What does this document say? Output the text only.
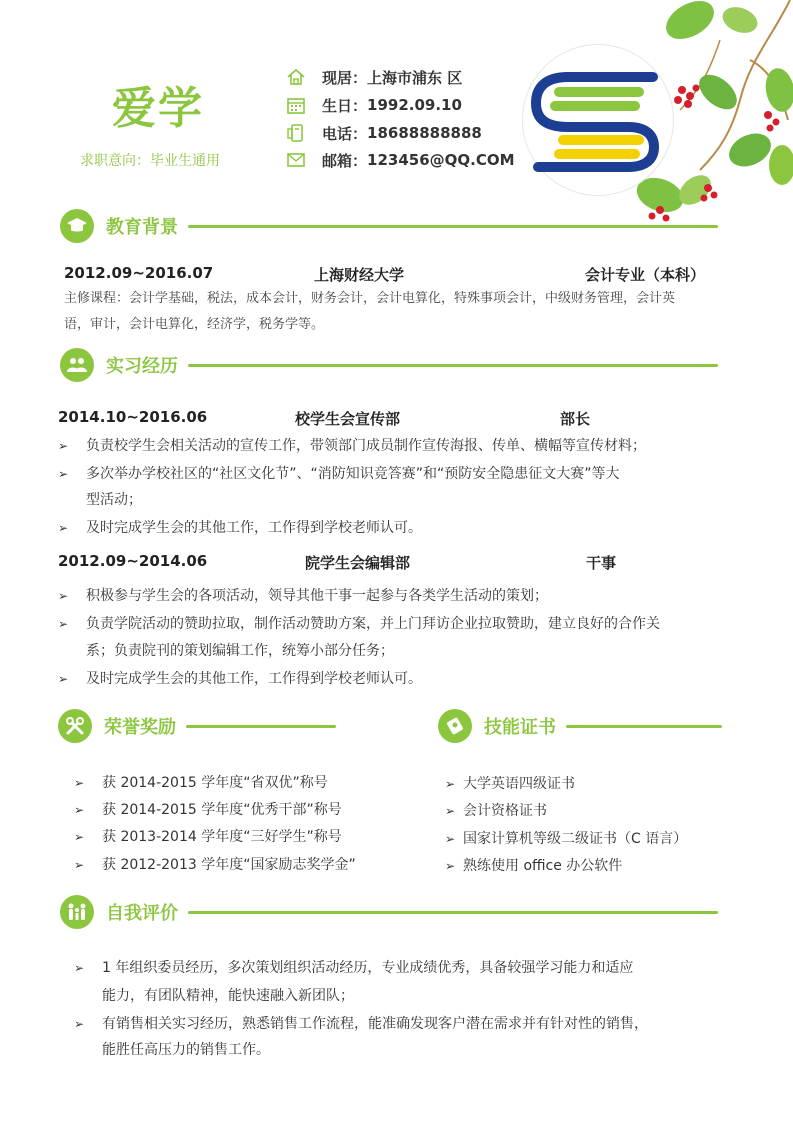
爱学
求职意向：毕业生通用
现居： 上海市浦东 区
生日： 1992.09.10
电话： 18688888888
邮箱： 123456@QQ.COM
教育背景
2012.09~2016.07	上海财经大学	会计专业（本科）
主修课程：会计学基础，税法，成本会计，财务会计，会计电算化，特殊事项会计，中级财务管理，会计英
语，审计，会计电算化，经济学，税务学等。
实习经历
2014.10~2016.06	校学生会宣传部	部长
➢ 负责校学生会相关活动的宣传工作，带领部门成员制作宣传海报、传单、横幅等宣传材料；
➢ 多次举办学校社区的“社区文化节”、“消防知识竞答赛”和“预防安全隐患征文大赛”等大
型活动；
➢ 及时完成学生会的其他工作，工作得到学校老师认可。
2012.09~2014.06	院学生会编辑部	干事
➢ 积极参与学生会的各项活动，领导其他干事一起参与各类学生活动的策划；
➢ 负责学院活动的赞助拉取，制作活动赞助方案，并上门拜访企业拉取赞助，建立良好的合作关
系；负责院刊的策划编辑工作，统筹小部分任务；
➢ 及时完成学生会的其他工作，工作得到学校老师认可。
荣誉奖励
➢ 获 2014-2015 学年度“省双优”称号
➢ 获 2014-2015 学年度“优秀干部”称号
➢ 获 2013-2014 学年度“三好学生”称号
➢ 获 2012-2013 学年度“国家励志奖学金”
技能证书
➢ 大学英语四级证书
➢ 会计资格证书
➢ 国家计算机等级二级证书（C 语言）
➢ 熟练使用 office 办公软件
自我评价
➢ 1 年组织委员经历，多次策划组织活动经历，专业成绩优秀，具备较强学习能力和适应
能力，有团队精神，能快速融入新团队；
➢ 有销售相关实习经历，熟悉销售工作流程，能准确发现客户潜在需求并有针对性的销售，
能胜任高压力的销售工作。
